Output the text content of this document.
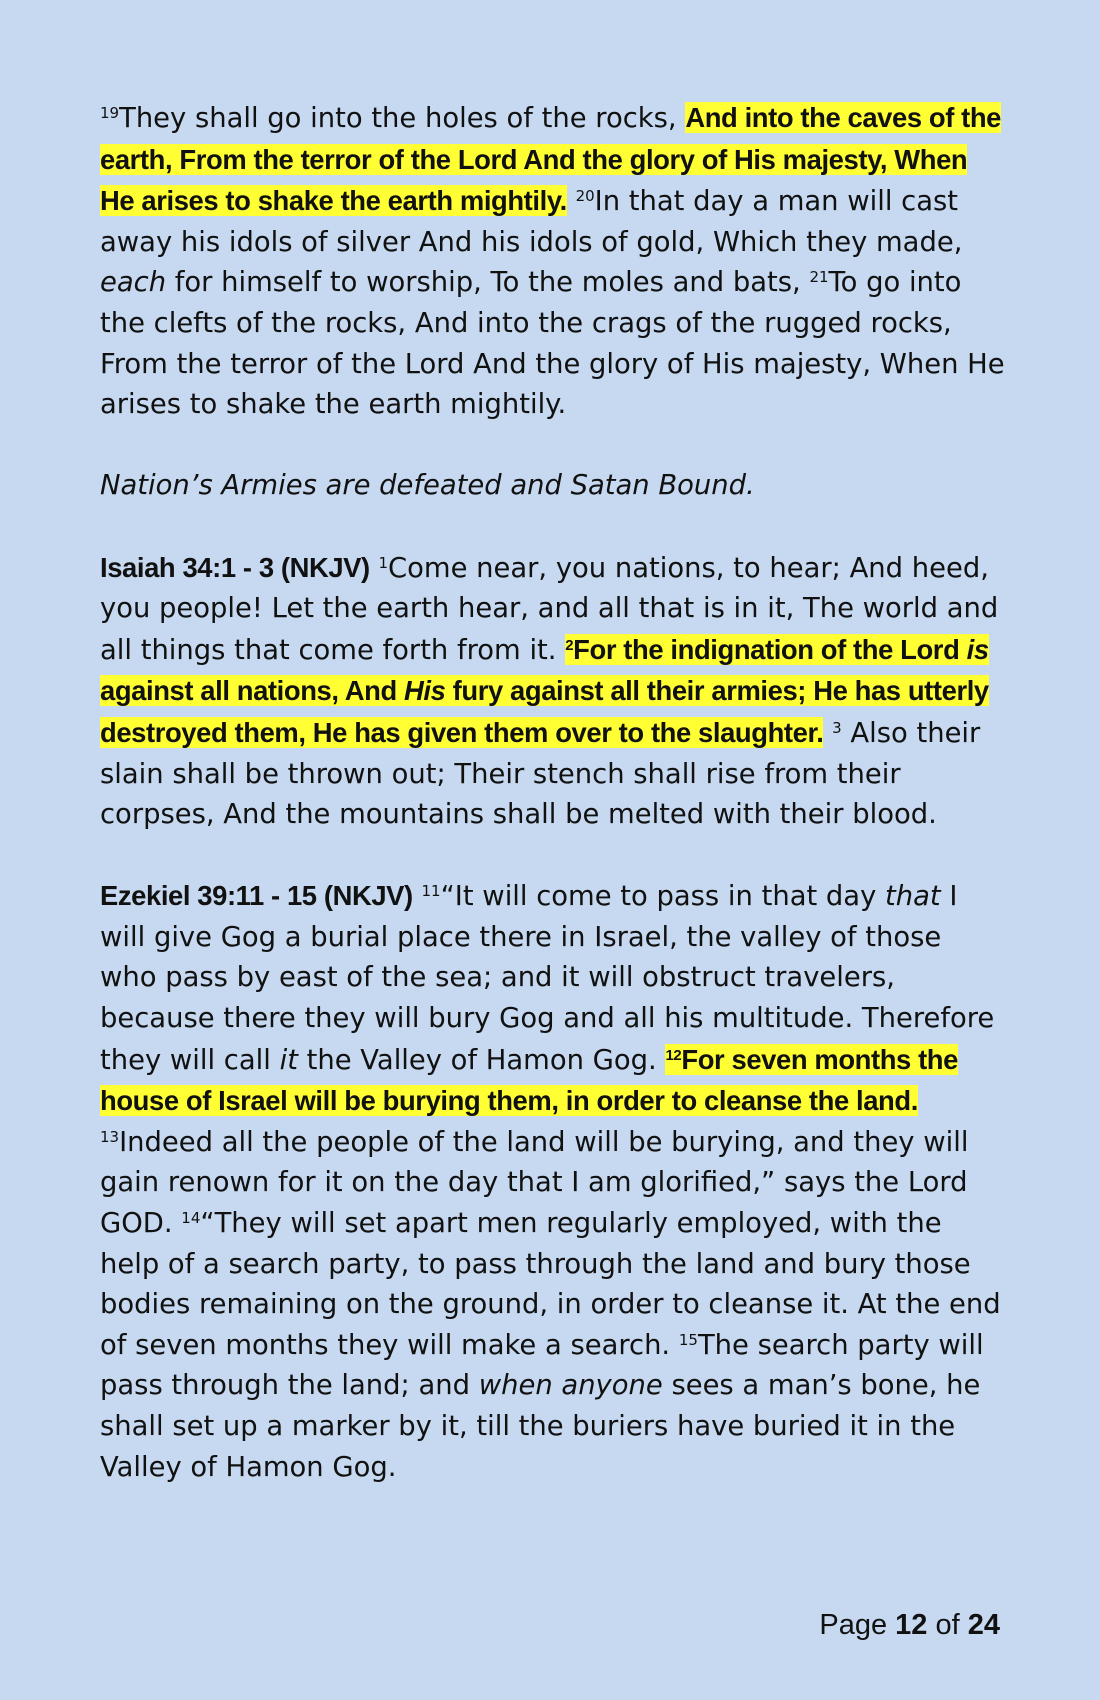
$^{19}$They shall go into the holes of the rocks, And into the caves of the earth, From the terror of the Lord And the glory of His majesty, When He arises to shake the earth mightily. $^{20}$In that day a man will cast away his idols of silver And his idols of gold, Which they made, each for himself to worship, To the moles and bats, $^{21}$To go into the clefts of the rocks, And into the crags of the rugged rocks, From the terror of the Lord And the glory of His majesty, When He arises to shake the earth mightily.

Nation’s Armies are defeated and Satan Bound.

Isaiah 34:1 - 3 (NKJV) $^1$Come near, you nations, to hear; And heed, you people! Let the earth hear, and all that is in it, The world and all things that come forth from it. $^2$For the indignation of the Lord is against all nations, And His fury against all their armies; He has utterly destroyed them, He has given them over to the slaughter. $^3$ Also their slain shall be thrown out; Their stench shall rise from their corpses, And the mountains shall be melted with their blood.

Ezekiel 39:11 - 15 (NKJV) $^{11}$“It will come to pass in that day that I will give Gog a burial place there in Israel, the valley of those who pass by east of the sea; and it will obstruct travelers, because there they will bury Gog and all his multitude. Therefore they will call it the Valley of Hamon Gog. $^{12}$For seven months the house of Israel will be burying them, in order to cleanse the land. $^{13}$Indeed all the people of the land will be burying, and they will gain renown for it on the day that I am glorified,” says the Lord GOD. $^{14}$“They will set apart men regularly employed, with the help of a search party, to pass through the land and bury those bodies remaining on the ground, in order to cleanse it. At the end of seven months they will make a search. $^{15}$The search party will pass through the land; and when anyone sees a man’s bone, he shall set up a marker by it, till the buriers have buried it in the Valley of Hamon Gog.

Page 12 of 24
